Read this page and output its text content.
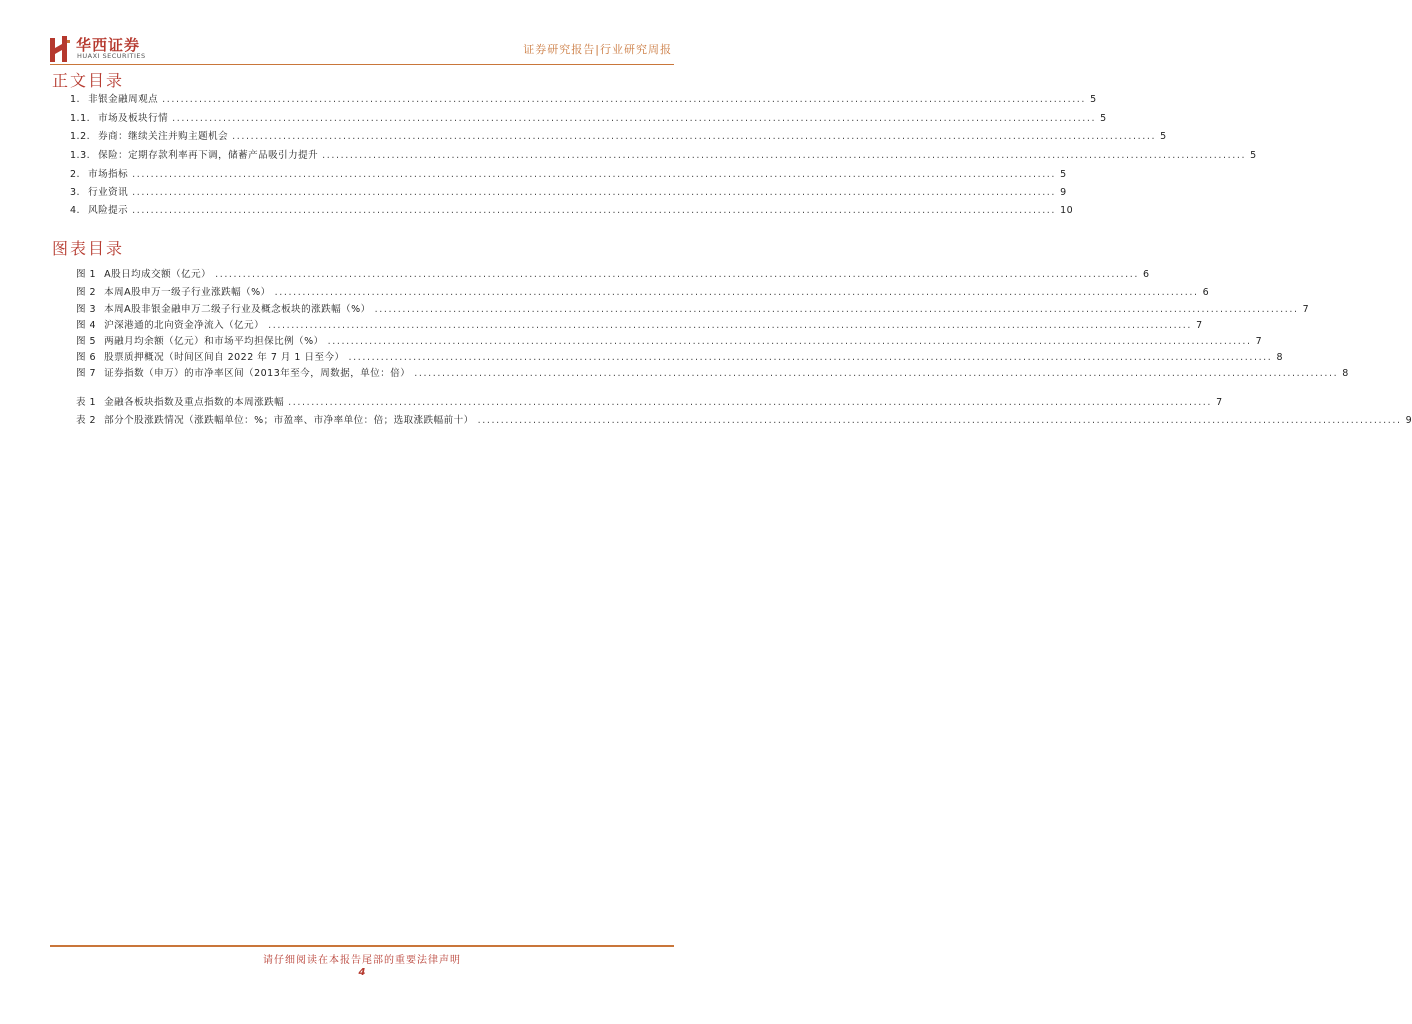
华西证券
HUAXI SECURITIES	证券研究报告|行业研究周报
正文目录
1. 非银金融周观点 ........................................................................................................................................................................................................ 5
1.1. 市场及板块行情 ........................................................................................................................................................................................................ 5
1.2. 券商：继续关注并购主题机会 ........................................................................................................................................................................................................ 5
1.3. 保险：定期存款利率再下调，储蓄产品吸引力提升 ........................................................................................................................................................................................................ 5
2. 市场指标 ........................................................................................................................................................................................................ 5
3. 行业资讯 ........................................................................................................................................................................................................ 9
4. 风险提示 ........................................................................................................................................................................................................ 10
图表目录
图 1 A股日均成交额（亿元） ........................................................................................................................................................................................................ 6
图 2 本周A股申万一级子行业涨跌幅（%） ........................................................................................................................................................................................................ 6
图 3 本周A股非银金融申万二级子行业及概念板块的涨跌幅（%） ........................................................................................................................................................................................................ 7
图 4 沪深港通的北向资金净流入（亿元） ........................................................................................................................................................................................................ 7
图 5 两融月均余额（亿元）和市场平均担保比例（%） ........................................................................................................................................................................................................ 7
图 6 股票质押概况（时间区间自 2022 年 7 月 1 日至今） ........................................................................................................................................................................................................ 8
图 7 证券指数（申万）的市净率区间（2013年至今，周数据，单位：倍） ........................................................................................................................................................................................................ 8
表 1 金融各板块指数及重点指数的本周涨跌幅 ........................................................................................................................................................................................................ 7
表 2 部分个股涨跌情况（涨跌幅单位：%；市盈率、市净率单位：倍；选取涨跌幅前十） ........................................................................................................................................................................................................ 9
请仔细阅读在本报告尾部的重要法律声明
4
